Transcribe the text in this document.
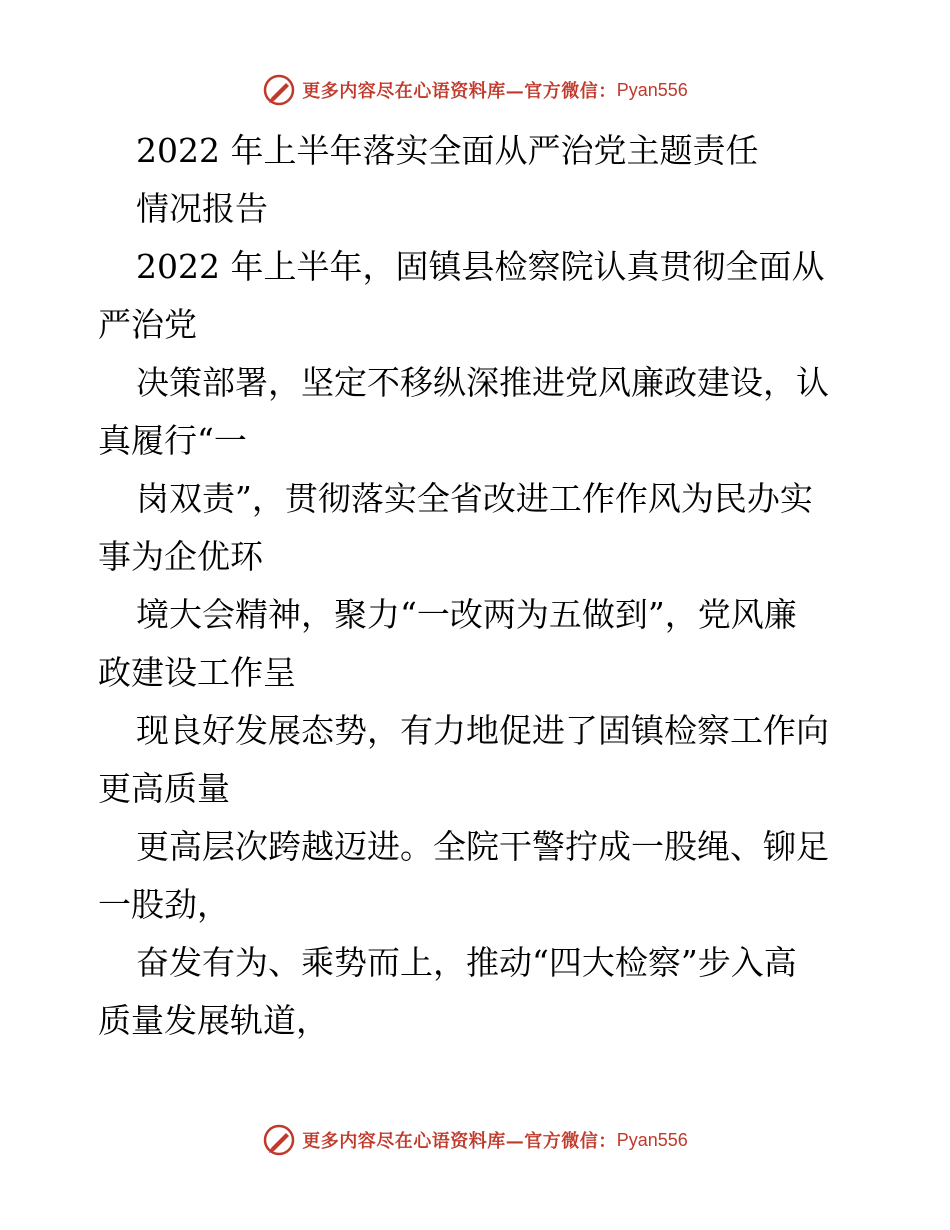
更多内容尽在心语资料库—官方微信： Pyan556
2022 年上半年落实全面从严治党主题责任
情况报告
2022 年上半年，固镇县检察院认真贯彻全面从
严治党
决策部署，坚定不移纵深推进党风廉政建设，认
真履行“一
岗双责”，贯彻落实全省改进工作作风为民办实
事为企优环
境大会精神，聚力“一改两为五做到”，党风廉
政建设工作呈
现良好发展态势，有力地促进了固镇检察工作向
更高质量
更高层次跨越迈进。全院干警拧成一股绳、铆足
一股劲，
奋发有为、乘势而上，推动“四大检察”步入高
质量发展轨道，
更多内容尽在心语资料库—官方微信： Pyan556
